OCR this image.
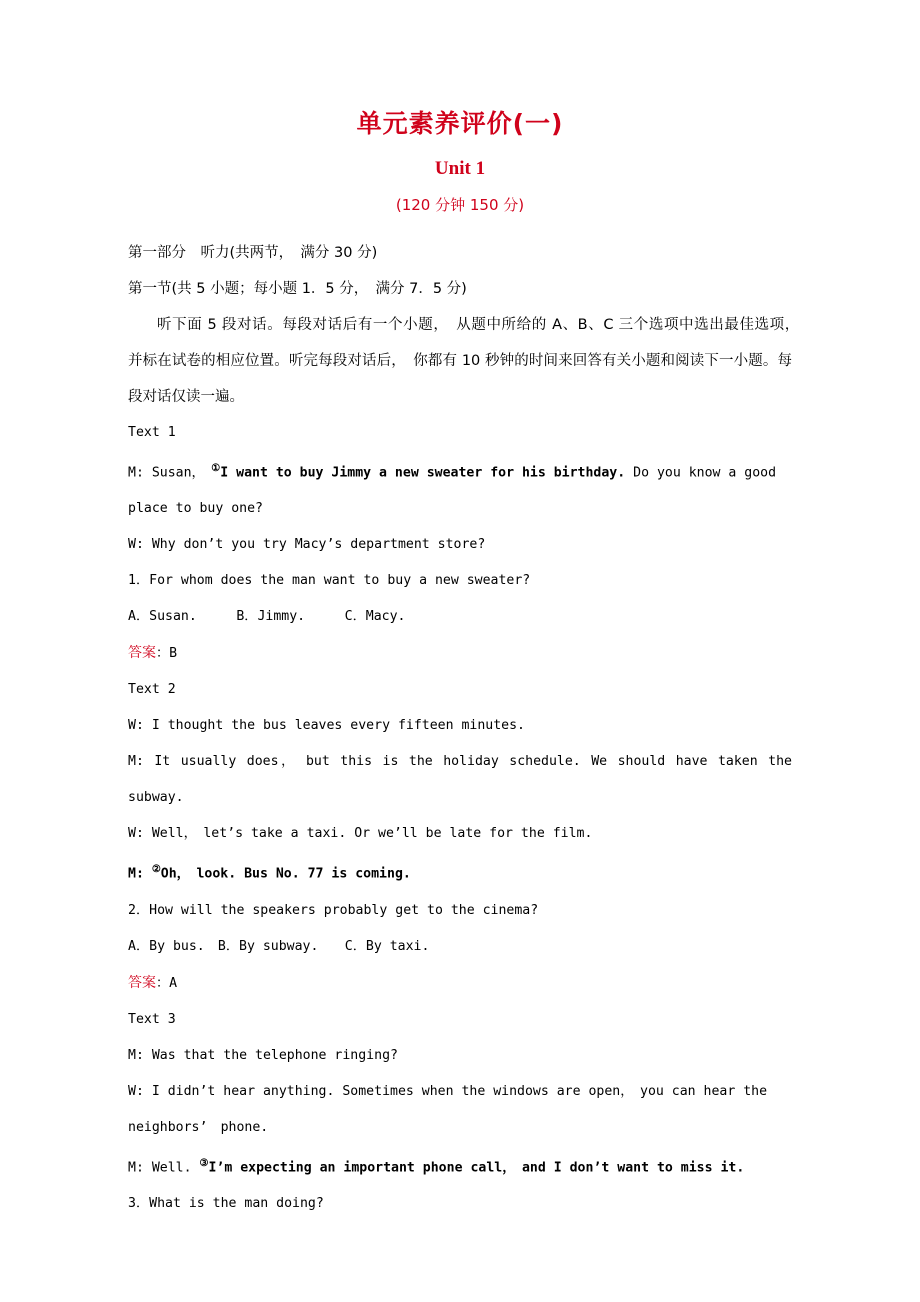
单元素养评价(一)
Unit 1
(120 分钟 150 分)
第一部分　听力(共两节，　满分 30 分)
第一节(共 5 小题；每小题 1．5 分，　满分 7．5 分)
听下面 5 段对话。每段对话后有一个小题，　从题中所给的 A、B、C 三个选项中选出最佳选项，　并标在试卷的相应位置。听完每段对话后，　你都有 10 秒钟的时间来回答有关小题和阅读下一小题。每段对话仅读一遍。
Text 1
M: Susan，　①I want to buy Jimmy a new sweater for his birthday. Do you know a good
place to buy one?
W: Why don’t you try Macy’s department store?
1．For whom does the man want to buy a new sweater?
A．Susan.　　　B．Jimmy.　　　C．Macy.
答案：B
Text 2
W: I thought the bus leaves every fifteen minutes.
M: It usually does，　but this is the holiday schedule. We should have taken the subway.
W: Well，　let’s take a taxi. Or we’ll be late for the film.
M: ②Oh，　look. Bus No. 77 is coming.
2．How will the speakers probably get to the cinema?
A．By bus.　B．By subway.　　C．By taxi.
答案：A
Text 3
M: Was that the telephone ringing?
W: I didn’t hear anything. Sometimes when the windows are open，　you can hear the
neighbors’　phone.
M: Well. ③I’m expecting an important phone call，　and I don’t want to miss it.
3．What is the man doing?
